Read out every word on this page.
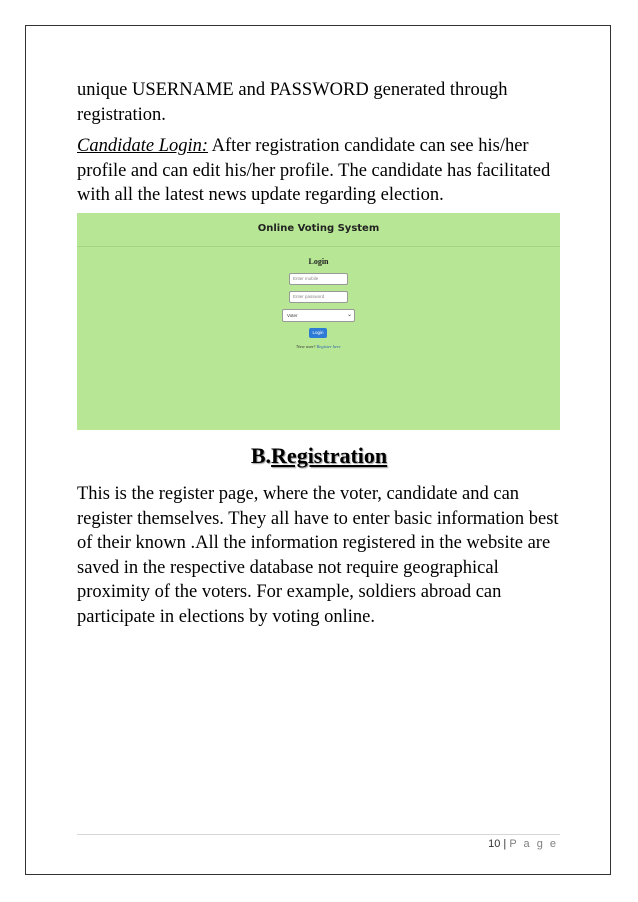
unique USERNAME and PASSWORD generated through registration.

Candidate Login: After registration candidate can see his/her profile and can edit his/her profile. The candidate has facilitated with all the latest news update regarding election.

Online Voting System
Login
Enter mobile
Enter password
Voter	⌄
Login
New user? Register here
B.Registration

This is the register page, where the voter, candidate and can register themselves. They all have to enter basic information best of their known .All the information registered in the website are saved in the respective database not require geographical proximity of the voters. For example, soldiers abroad can participate in elections by voting online.

10 | P a g e
